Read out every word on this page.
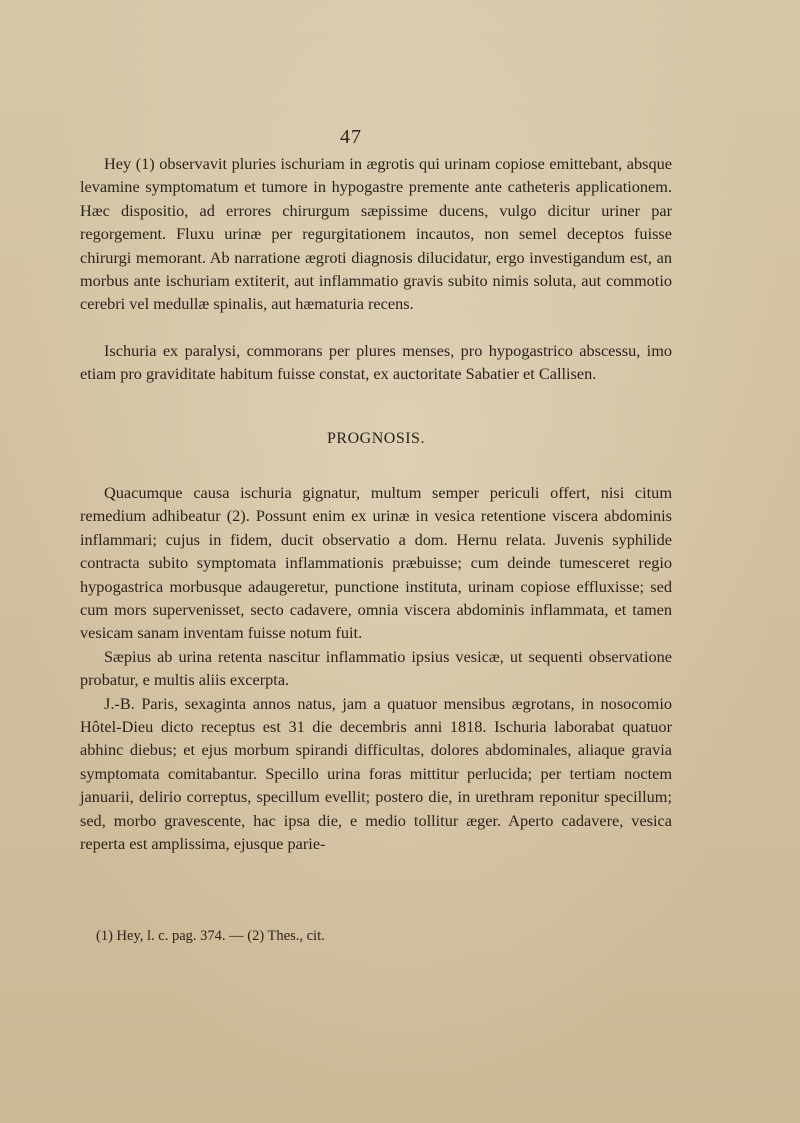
47

Hey (1) observavit pluries ischuriam in ægrotis qui urinam copiose emittebant, absque levamine symptomatum et tumore in hypogastre premente ante catheteris applicationem. Hæc dispositio, ad errores chirurgum sæpissime ducens, vulgo dicitur uriner par regorgement. Fluxu urinæ per regurgitationem incautos, non semel deceptos fuisse chirurgi memorant. Ab narratione ægroti diagnosis dilucidatur, ergo investigandum est, an morbus ante ischuriam extiterit, aut inflammatio gravis subito nimis soluta, aut commotio cerebri vel medullæ spinalis, aut hæmaturia recens.

Ischuria ex paralysi, commorans per plures menses, pro hypogastrico abscessu, imo etiam pro graviditate habitum fuisse constat, ex auctoritate Sabatier et Callisen.

PROGNOSIS.

Quacumque causa ischuria gignatur, multum semper periculi offert, nisi citum remedium adhibeatur (2). Possunt enim ex urinæ in vesica retentione viscera abdominis inflammari; cujus in fidem, ducit observatio a dom. Hernu relata. Juvenis syphilide contracta subito symptomata inflammationis præbuisse; cum deinde tumesceret regio hypogastrica morbusque adaugeretur, punctione instituta, urinam copiose effluxisse; sed cum mors supervenisset, secto cadavere, omnia viscera abdominis inflammata, et tamen vesicam sanam inventam fuisse notum fuit.

Sæpius ab urina retenta nascitur inflammatio ipsius vesicæ, ut sequenti observatione probatur, e multis aliis excerpta.

J.-B. Paris, sexaginta annos natus, jam a quatuor mensibus ægrotans, in nosocomio Hôtel-Dieu dicto receptus est 31 die decembris anni 1818. Ischuria laborabat quatuor abhinc diebus; et ejus morbum spirandi difficultas, dolores abdominales, aliaque gravia symptomata comitabantur. Specillo urina foras mittitur perlucida; per tertiam noctem januarii, delirio correptus, specillum evellit; postero die, in urethram reponitur specillum; sed, morbo gravescente, hac ipsa die, e medio tollitur æger. Aperto cadavere, vesica reperta est amplissima, ejusque parie-

(1) Hey, l. c. pag. 374. — (2) Thes., cit.
